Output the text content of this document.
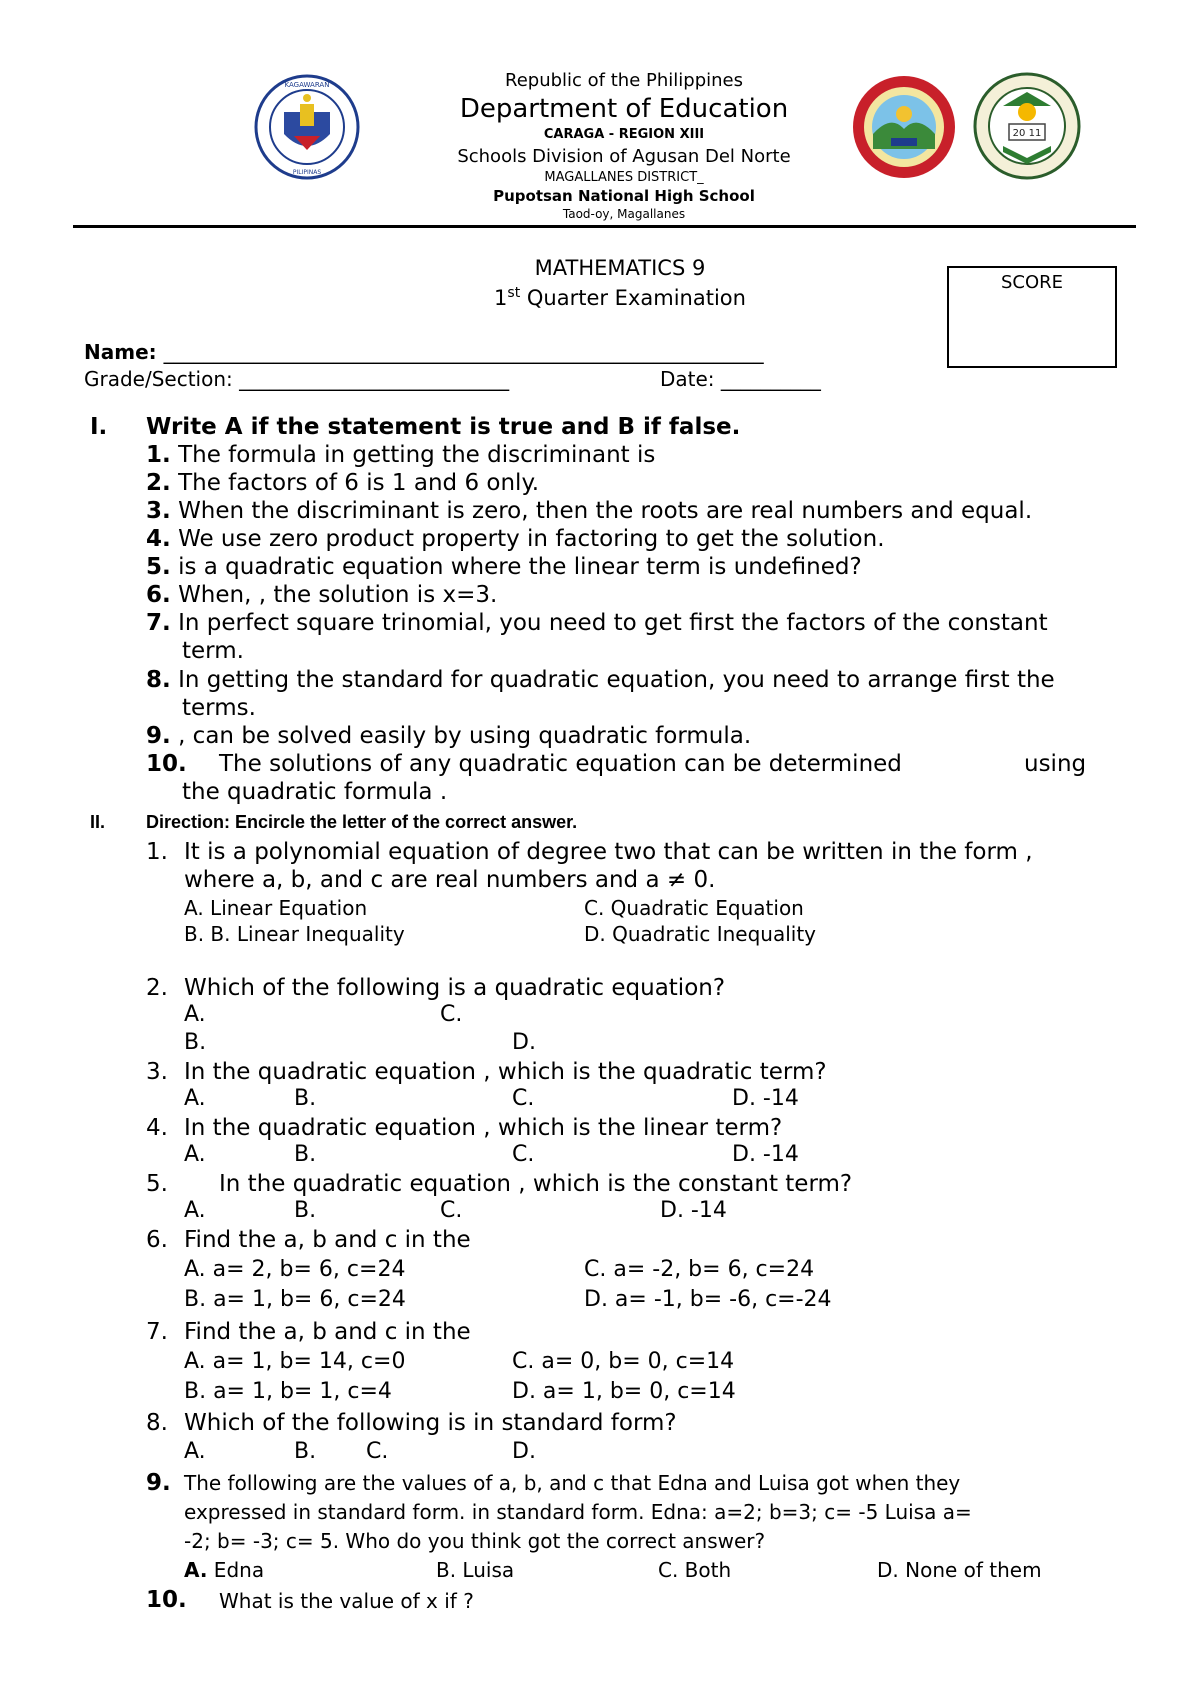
KAGAWARAN
PILIPINAS
20 11
Republic of the Philippines
Department of Education
CARAGA - REGION XIII
Schools Division of Agusan Del Norte
MAGALLANES DISTRICT_
Pupotsan National High School
Taod-oy, Magallanes
MATHEMATICS 9
1st Quarter Examination
SCORE
Name: ____________________________________________________________
Grade/Section: ___________________________	Date: __________
I. Write A if the statement is true and B if false.
1. The formula in getting the discriminant is
2. The factors of 6 is 1 and 6 only.
3. When the discriminant is zero, then the roots are real numbers and equal.
4. We use zero product property in factoring to get the solution.
5. is a quadratic equation where the linear term is undefined?
6. When, , the solution is x=3.
7. In perfect square trinomial, you need to get first the factors of the constant
term.
8. In getting the standard for quadratic equation, you need to arrange first the
terms.
9. , can be solved easily by using quadratic formula.
10. The solutions of any quadratic equation can be determined	using
the quadratic formula .
II. Direction: Encircle the letter of the correct answer.
1. It is a polynomial equation of degree two that can be written in the form ,
where a, b, and c are real numbers and a ≠ 0.
A. Linear Equation	C. Quadratic Equation
B. B. Linear Inequality	D. Quadratic Inequality
2. Which of the following is a quadratic equation?
A.	C.
B.	D.
3. In the quadratic equation , which is the quadratic term?
A.	B.	C.	D. -14
4. In the quadratic equation , which is the linear term?
A.	B.	C.	D. -14
5. In the quadratic equation , which is the constant term?
A.	B.	C.	D. -14
6. Find the a, b and c in the
A. a= 2, b= 6, c=24	C. a= -2, b= 6, c=24
B. a= 1, b= 6, c=24	D. a= -1, b= -6, c=-24
7. Find the a, b and c in the
A. a= 1, b= 14, c=0	C. a= 0, b= 0, c=14
B. a= 1, b= 1, c=4	D. a= 1, b= 0, c=14
8. Which of the following is in standard form?
A.	B. C.	D.
9. The following are the values of a, b, and c that Edna and Luisa got when they
expressed in standard form. in standard form. Edna: a=2; b=3; c= -5 Luisa a=
-2; b= -3; c= 5. Who do you think got the correct answer?
A. Edna	B. Luisa	C. Both	D. None of them
10. What is the value of x if ?
